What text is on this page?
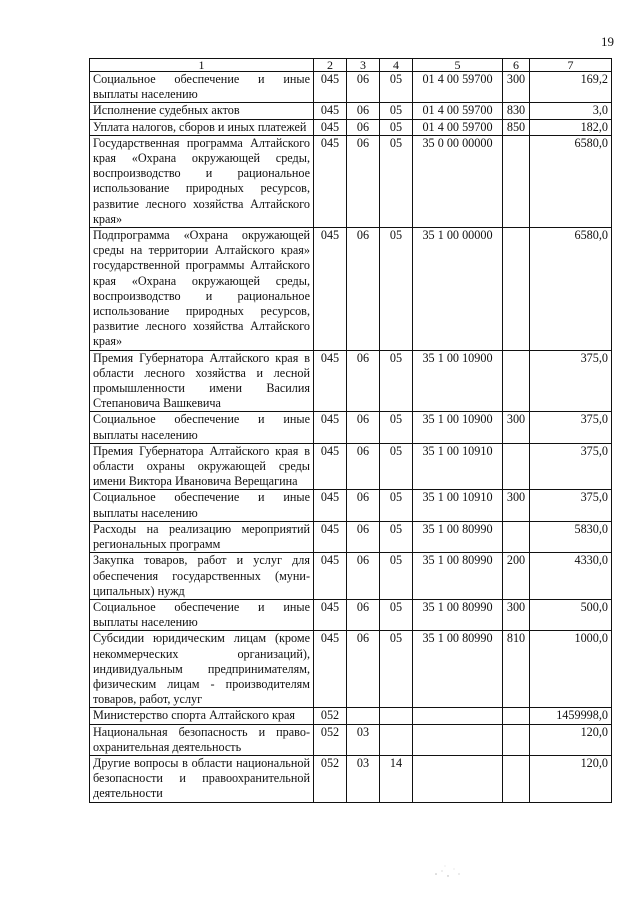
19
1	2	3	4	5	6	7
Социальное обеспечение и иные выплаты населению	045	06	05	01 4 00 59700	300	169,2
Исполнение судебных актов	045	06	05	01 4 00 59700	830	3,0
Уплата налогов, сборов и иных платежей	045	06	05	01 4 00 59700	850	182,0
Государственная программа Алтайского края «Охрана окружающей среды, воспроизводство и рациональное использование природных ресурсов, развитие лесного хозяйства Алтайского края»	045	06	05	35 0 00 00000		6580,0
Подпрограмма «Охрана окружающей среды на территории Алтайского края» государственной программы Алтайского края «Охрана окружающей среды, воспроизводство и рациональное использование природных ресурсов, развитие лесного хозяйства Алтайского края»	045	06	05	35 1 00 00000		6580,0
Премия Губернатора Алтайского края в области лесного хозяйства и лесной промышленности имени Василия Степановича Вашкевича	045	06	05	35 1 00 10900		375,0
Социальное обеспечение и иные выплаты населению	045	06	05	35 1 00 10900	300	375,0
Премия Губернатора Алтайского края в области охраны окружающей среды имени Виктора Ивановича Верещагина	045	06	05	35 1 00 10910		375,0
Социальное обеспечение и иные выплаты населению	045	06	05	35 1 00 10910	300	375,0
Расходы на реализацию мероприятий региональных программ	045	06	05	35 1 00 80990		5830,0
Закупка товаров, работ и услуг для обеспечения государственных (муниципальных) нужд	045	06	05	35 1 00 80990	200	4330,0
Социальное обеспечение и иные выплаты населению	045	06	05	35 1 00 80990	300	500,0
Субсидии юридическим лицам (кроме некоммерческих организаций), индивидуальным предпринимателям, физическим лицам - производителям товаров, работ, услуг	045	06	05	35 1 00 80990	810	1000,0
Министерство спорта Алтайского края	052					1459998,0
Национальная безопасность и правоохранительная деятельность	052	03				120,0
Другие вопросы в области национальной безопасности и правоохранительной деятельности	052	03	14			120,0
